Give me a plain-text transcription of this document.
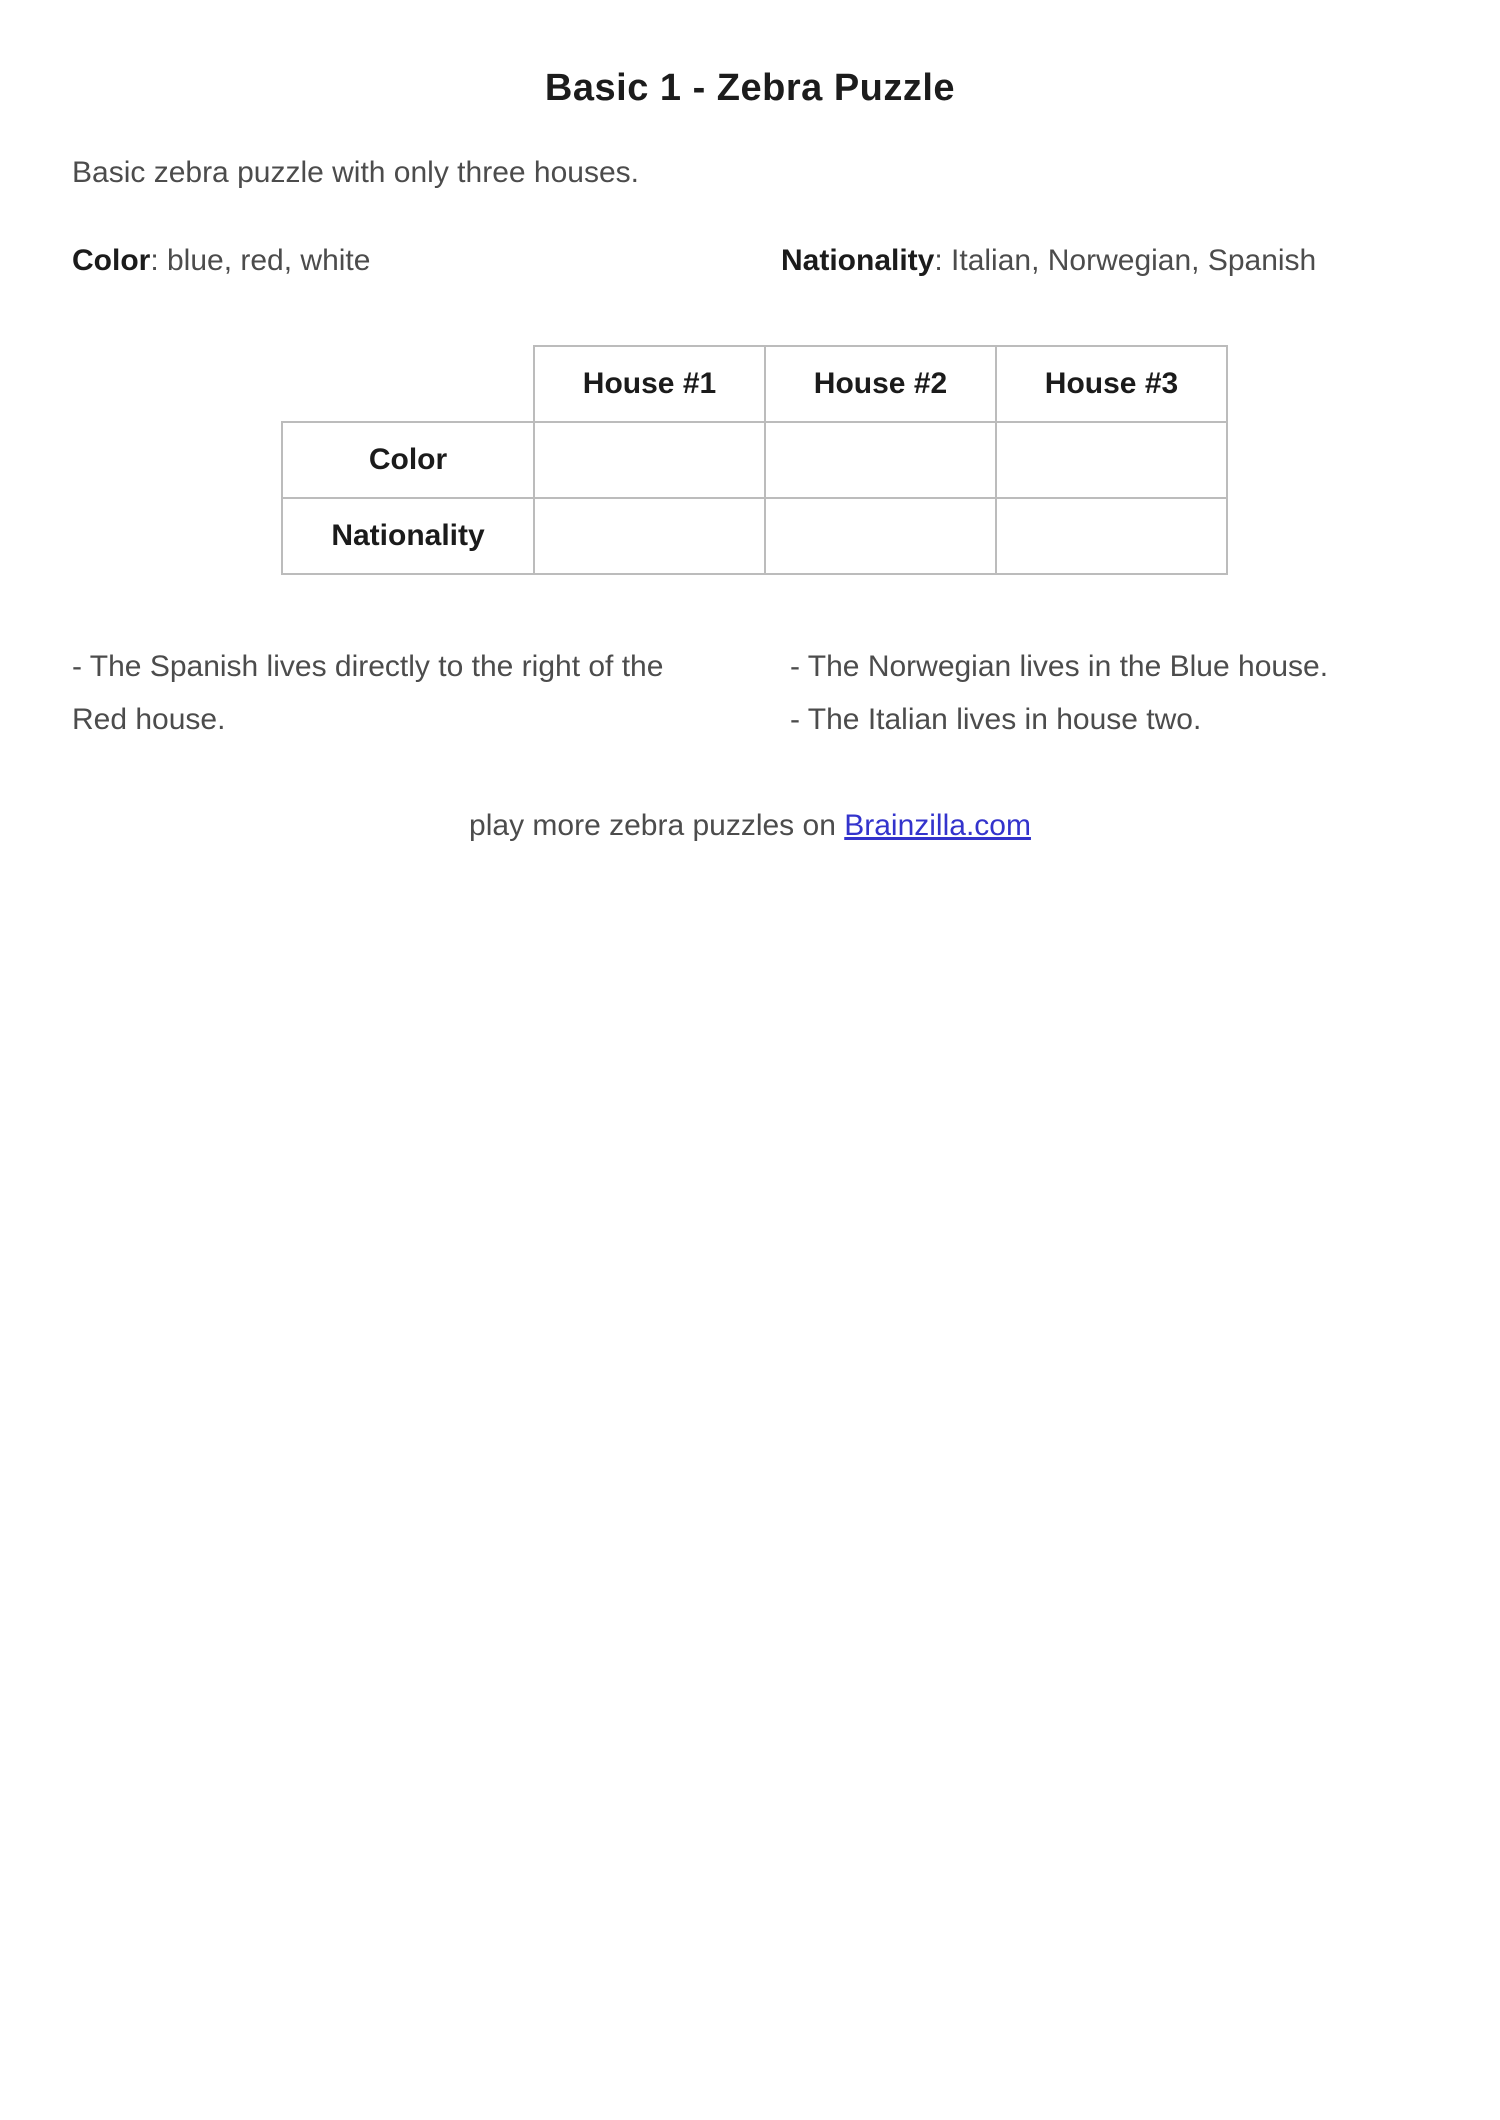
Basic 1 - Zebra Puzzle

Basic zebra puzzle with only three houses.

Color: blue, red, white	Nationality: Italian, Norwegian, Spanish
	House #1	House #2	House #3
Color			
Nationality			

- The Spanish lives directly to the right of the Red house.

- The Norwegian lives in the Blue house.

- The Italian lives in house two.

play more zebra puzzles on Brainzilla.com
